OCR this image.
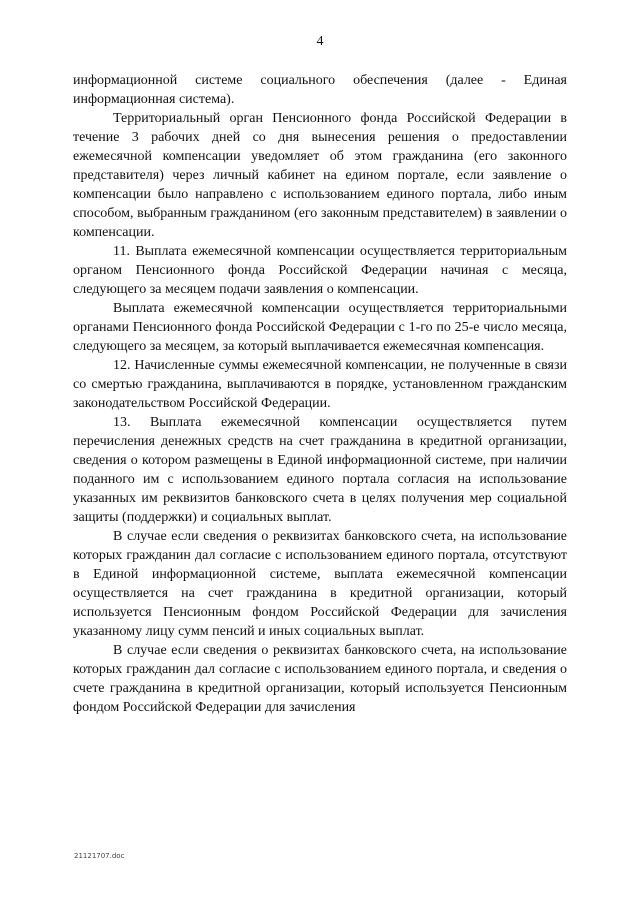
4

информационной системе социального обеспечения (далее - Единая информационная система).

Территориальный орган Пенсионного фонда Российской Федерации в течение 3 рабочих дней со дня вынесения решения о предоставлении ежемесячной компенсации уведомляет об этом гражданина (его законного представителя) через личный кабинет на едином портале, если заявление о компенсации было направлено с использованием единого портала, либо иным способом, выбранным гражданином (его законным представителем) в заявлении о компенсации.

11. Выплата ежемесячной компенсации осуществляется территориальным органом Пенсионного фонда Российской Федерации начиная с месяца, следующего за месяцем подачи заявления о компенсации.

Выплата ежемесячной компенсации осуществляется территориальными органами Пенсионного фонда Российской Федерации с 1-го по 25-е число месяца, следующего за месяцем, за который выплачивается ежемесячная компенсация.

12. Начисленные суммы ежемесячной компенсации, не полученные в связи со смертью гражданина, выплачиваются в порядке, установленном гражданским законодательством Российской Федерации.

13. Выплата ежемесячной компенсации осуществляется путем перечисления денежных средств на счет гражданина в кредитной организации, сведения о котором размещены в Единой информационной системе, при наличии поданного им с использованием единого портала согласия на использование указанных им реквизитов банковского счета в целях получения мер социальной защиты (поддержки) и социальных выплат.

В случае если сведения о реквизитах банковского счета, на использование которых гражданин дал согласие с использованием единого портала, отсутствуют в Единой информационной системе, выплата ежемесячной компенсации осуществляется на счет гражданина в кредитной организации, который используется Пенсионным фондом Российской Федерации для зачисления указанному лицу сумм пенсий и иных социальных выплат.

В случае если сведения о реквизитах банковского счета, на использование которых гражданин дал согласие с использованием единого портала, и сведения о счете гражданина в кредитной организации, который используется Пенсионным фондом Российской Федерации для зачисления

21121707.doc
